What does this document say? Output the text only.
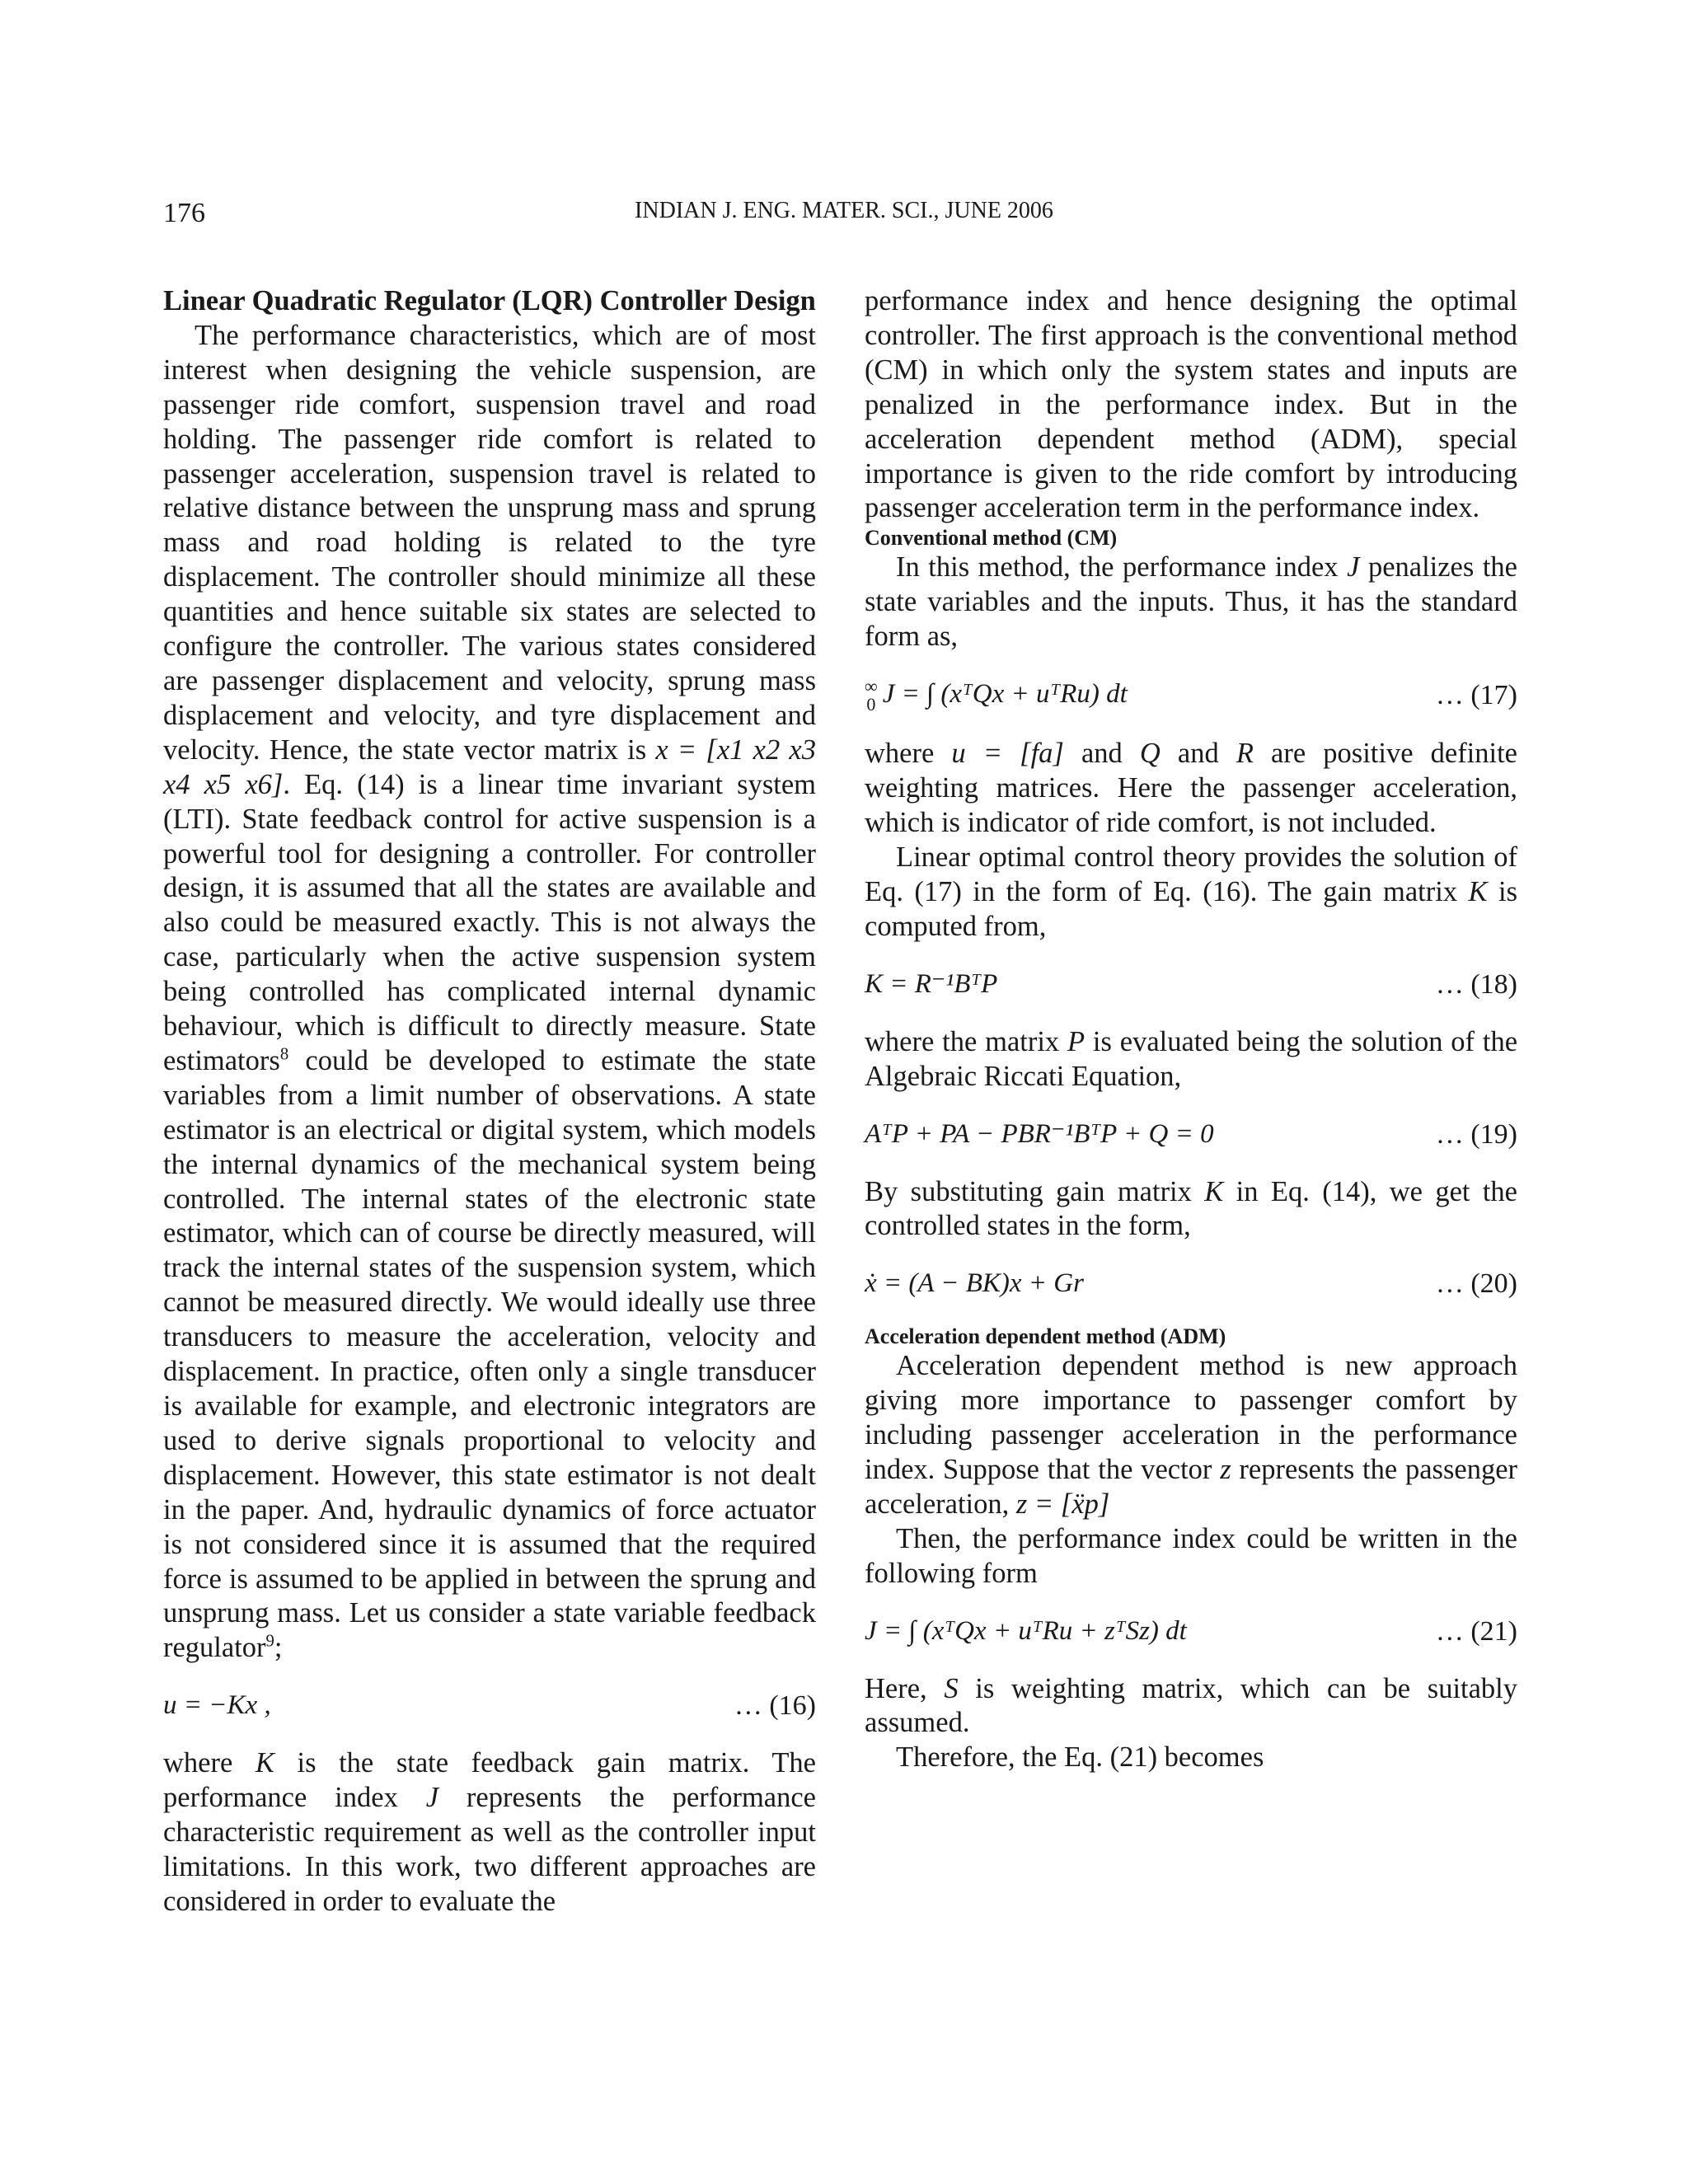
176	INDIAN J. ENG. MATER. SCI., JUNE 2006

Linear Quadratic Regulator (LQR) Controller Design

The performance characteristics, which are of most interest when designing the vehicle suspension, are passenger ride comfort, suspension travel and road holding. The passenger ride comfort is related to passenger acceleration, suspension travel is related to relative distance between the unsprung mass and sprung mass and road holding is related to the tyre displacement. The controller should minimize all these quantities and hence suitable six states are selected to configure the controller. The various states considered are passenger displacement and velocity, sprung mass displacement and velocity, and tyre displacement and velocity. Hence, the state vector matrix is x = [x1 x2 x3 x4 x5 x6]. Eq. (14) is a linear time invariant system (LTI). State feedback control for active suspension is a powerful tool for designing a controller. For controller design, it is assumed that all the states are available and also could be measured exactly. This is not always the case, particularly when the active suspension system being controlled has complicated internal dynamic behaviour, which is difficult to directly measure. State estimators$^8$ could be developed to estimate the state variables from a limit number of observations. A state estimator is an electrical or digital system, which models the internal dynamics of the mechanical system being controlled. The internal states of the electronic state estimator, which can of course be directly measured, will track the internal states of the suspension system, which cannot be measured directly. We would ideally use three transducers to measure the acceleration, velocity and displacement. In practice, often only a single transducer is available for example, and electronic integrators are used to derive signals proportional to velocity and displacement. However, this state estimator is not dealt in the paper. And, hydraulic dynamics of force actuator is not considered since it is assumed that the required force is assumed to be applied in between the sprung and unsprung mass. Let us consider a state variable feedback regulator$^9$;

u = −Kx ,	… (16)

where K is the state feedback gain matrix. The performance index J represents the performance characteristic requirement as well as the controller input limitations. In this work, two different approaches are considered in order to evaluate the

performance index and hence designing the optimal controller. The first approach is the conventional method (CM) in which only the system states and inputs are penalized in the performance index. But in the acceleration dependent method (ADM), special importance is given to the ride comfort by introducing passenger acceleration term in the performance index.

Conventional method (CM)

In this method, the performance index J penalizes the state variables and the inputs. Thus, it has the standard form as,

∞
0 J = ∫ (xᵀQx + uᵀRu) dt	… (17)

where u = [fa] and Q and R are positive definite weighting matrices. Here the passenger acceleration, which is indicator of ride comfort, is not included.

Linear optimal control theory provides the solution of Eq. (17) in the form of Eq. (16). The gain matrix K is computed from,

K = R⁻¹BᵀP	… (18)

where the matrix P is evaluated being the solution of the Algebraic Riccati Equation,

AᵀP + PA − PBR⁻¹BᵀP + Q = 0	… (19)

By substituting gain matrix K in Eq. (14), we get the controlled states in the form,

ẋ = (A − BK)x + Gr	… (20)

Acceleration dependent method (ADM)

Acceleration dependent method is new approach giving more importance to passenger comfort by including passenger acceleration in the performance index. Suppose that the vector z represents the passenger acceleration, z = [ẍp]

Then, the performance index could be written in the following form

J = ∫ (xᵀQx + uᵀRu + zᵀSz) dt	… (21)

Here, S is weighting matrix, which can be suitably assumed.

Therefore, the Eq. (21) becomes
